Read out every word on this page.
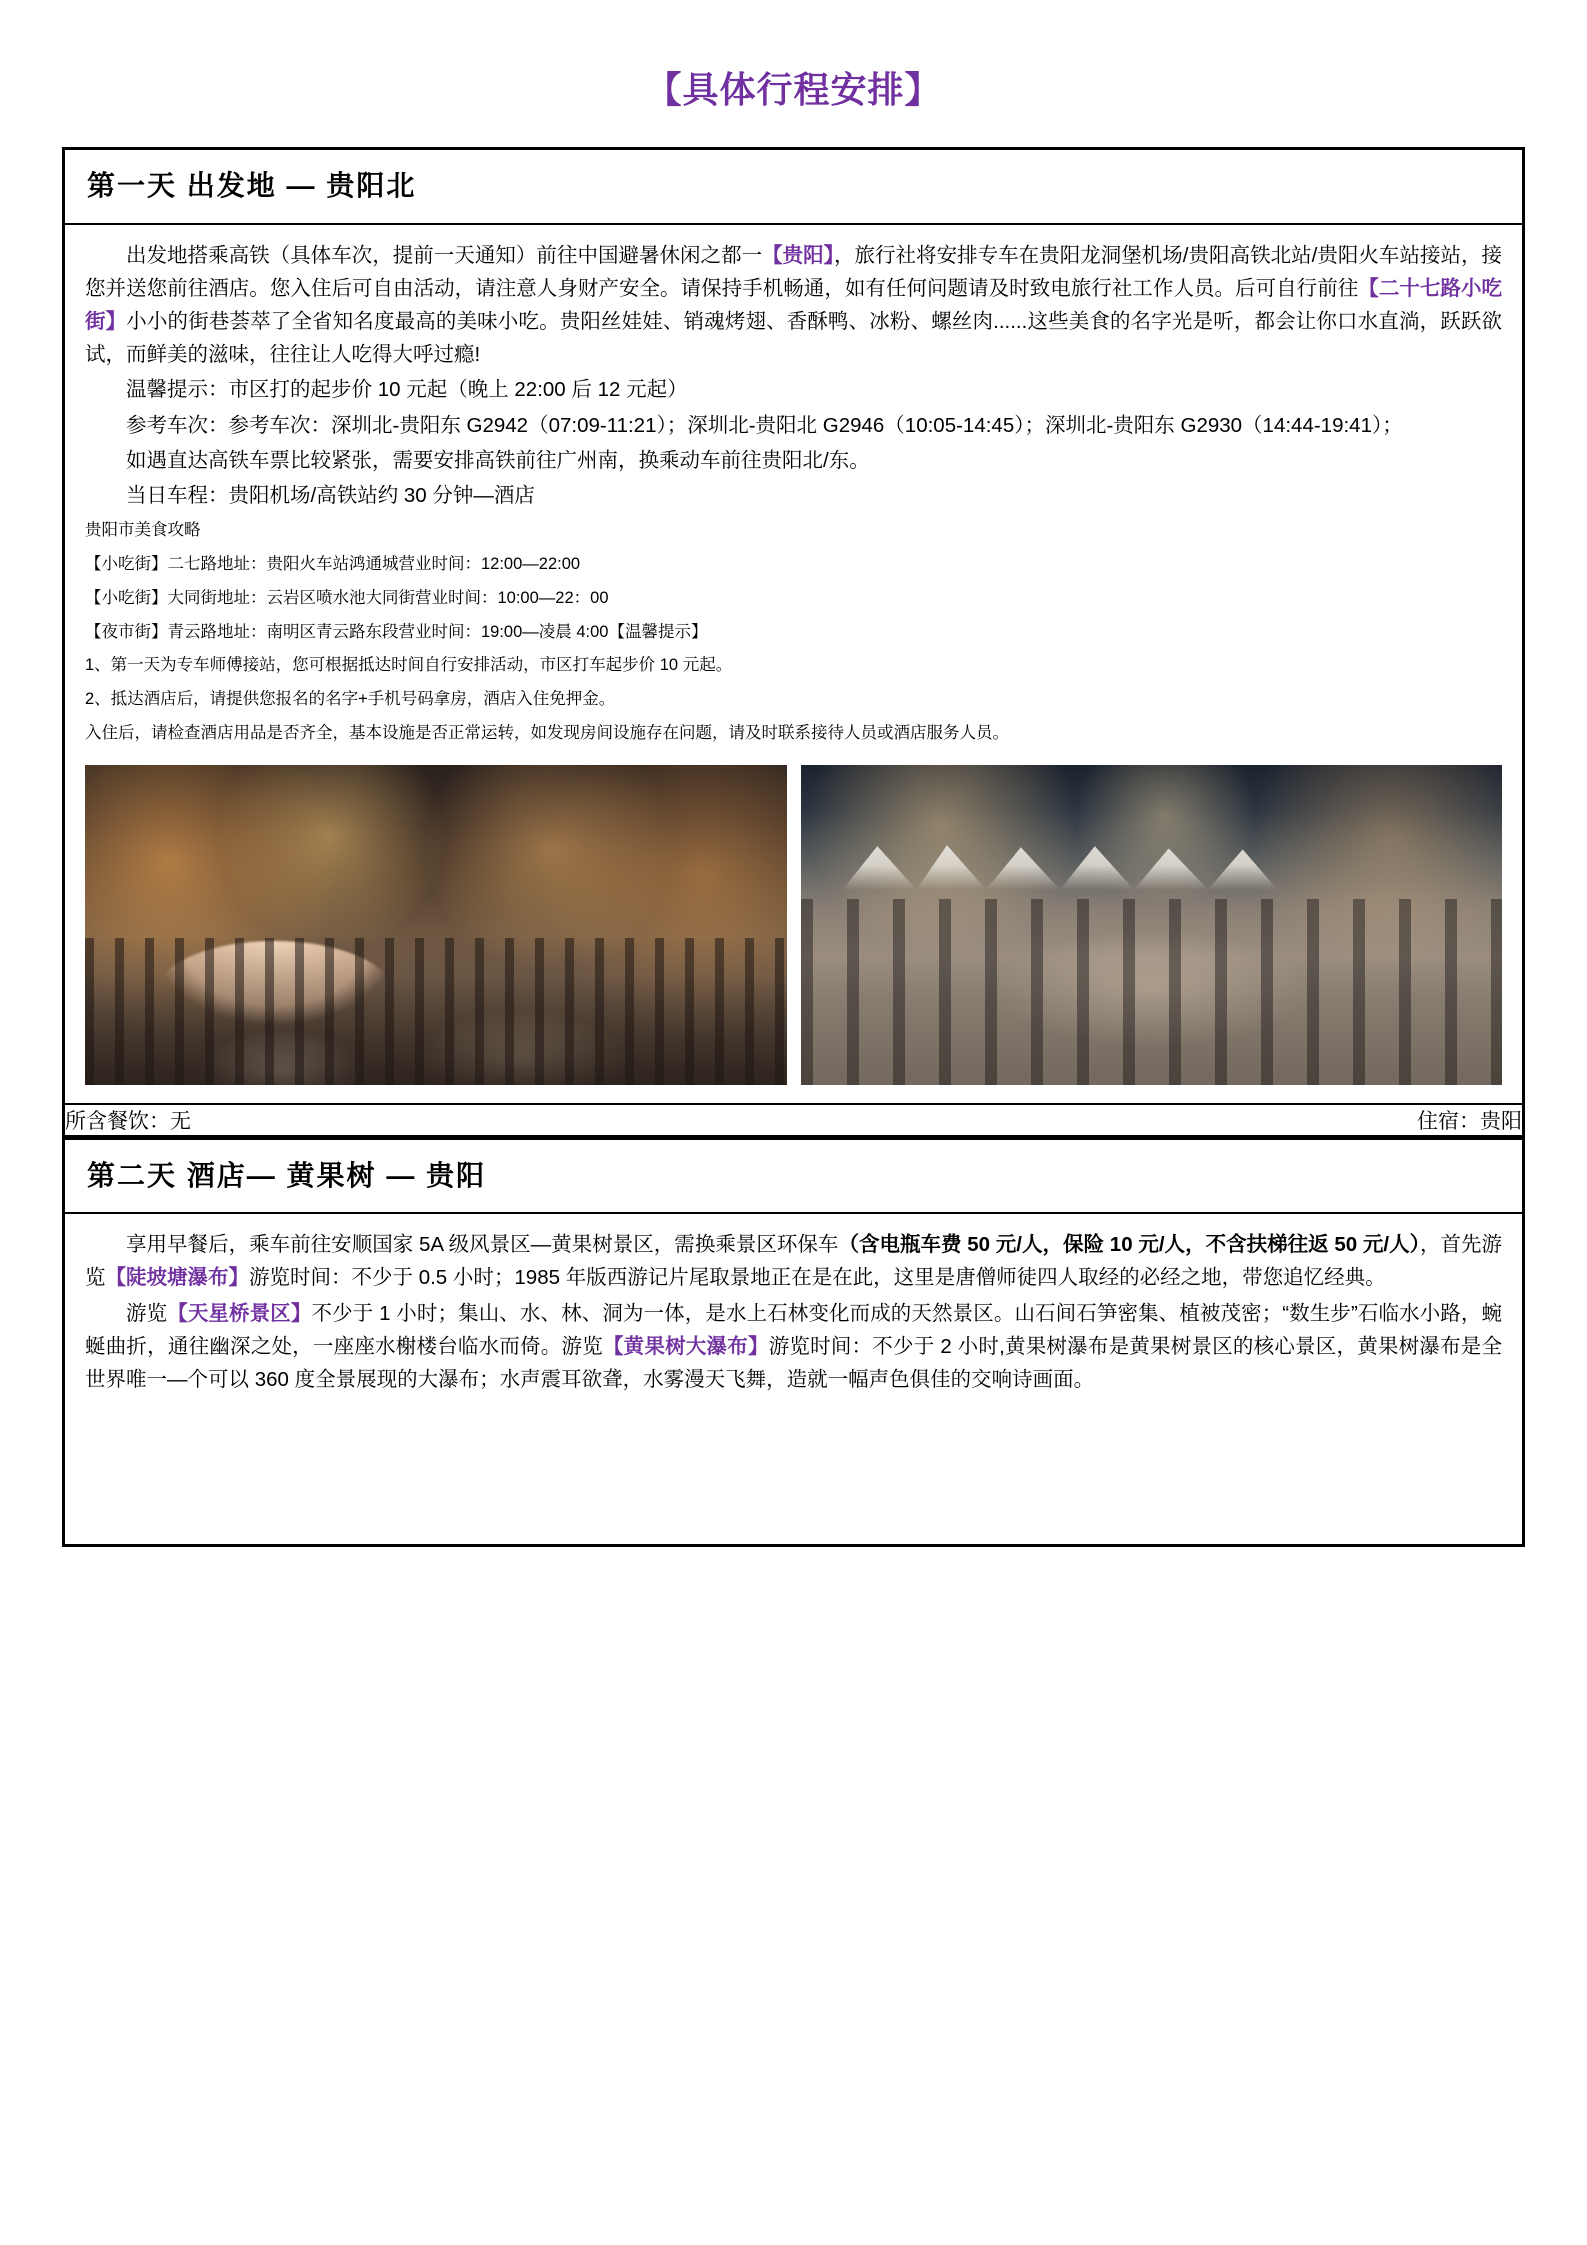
【具体行程安排】
第一天 出发地 — 贵阳北

出发地搭乘高铁（具体车次，提前一天通知）前往中国避暑休闲之都一【贵阳】，旅行社将安排专车在贵阳龙洞堡机场/贵阳高铁北站/贵阳火车站接站，接您并送您前往酒店。您入住后可自由活动，请注意人身财产安全。请保持手机畅通，如有任何问题请及时致电旅行社工作人员。后可自行前往【二十七路小吃街】小小的街巷荟萃了全省知名度最高的美味小吃。贵阳丝娃娃、销魂烤翅、香酥鸭、冰粉、螺丝肉......这些美食的名字光是听，都会让你口水直淌，跃跃欲试，而鲜美的滋味，往往让人吃得大呼过瘾!

温馨提示：市区打的起步价 10 元起（晚上 22:00 后 12 元起）

参考车次：参考车次：深圳北-贵阳东 G2942（07:09-11:21）；深圳北-贵阳北 G2946（10:05-14:45）；深圳北-贵阳东 G2930（14:44-19:41）；

如遇直达高铁车票比较紧张，需要安排高铁前往广州南，换乘动车前往贵阳北/东。

当日车程：贵阳机场/高铁站约 30 分钟—酒店

贵阳市美食攻略

【小吃街】二七路地址：贵阳火车站鸿通城营业时间：12:00—22:00

【小吃街】大同街地址：云岩区喷水池大同街营业时间：10:00—22：00

【夜市街】青云路地址：南明区青云路东段营业时间：19:00—凌晨 4:00【温馨提示】

1、第一天为专车师傅接站，您可根据抵达时间自行安排活动，市区打车起步价 10 元起。

2、抵达酒店后，请提供您报名的名字+手机号码拿房，酒店入住免押金。

入住后，请检查酒店用品是否齐全，基本设施是否正常运转，如发现房间设施存在问题，请及时联系接待人员或酒店服务人员。

所含餐饮：无	住宿：贵阳
第二天 酒店— 黄果树 — 贵阳

享用早餐后，乘车前往安顺国家 5A 级风景区—黄果树景区，需换乘景区环保车（含电瓶车费 50 元/人，保险 10 元/人，不含扶梯往返 50 元/人），首先游览【陡坡塘瀑布】游览时间：不少于 0.5 小时；1985 年版西游记片尾取景地正在是在此，这里是唐僧师徒四人取经的必经之地，带您追忆经典。

游览【天星桥景区】不少于 1 小时；集山、水、林、洞为一体，是水上石林变化而成的天然景区。山石间石笋密集、植被茂密；“数生步”石临水小路，蜿蜒曲折，通往幽深之处，一座座水榭楼台临水而倚。游览【黄果树大瀑布】游览时间：不少于 2 小时,黄果树瀑布是黄果树景区的核心景区，黄果树瀑布是全世界唯一—个可以 360 度全景展现的大瀑布；水声震耳欲聋，水雾漫天飞舞，造就一幅声色俱佳的交响诗画面。
